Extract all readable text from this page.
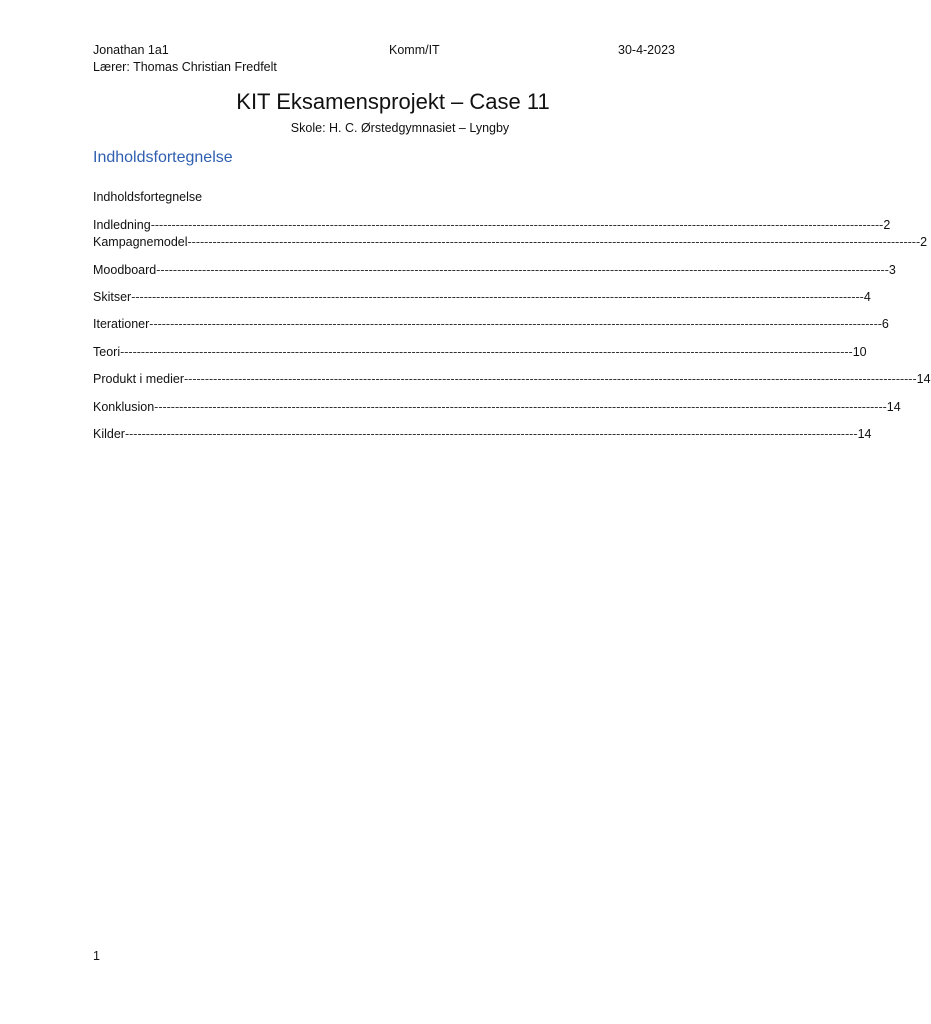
Jonathan 1a1	Komm/IT	30-4-2023
Lærer: Thomas Christian Fredfelt
KIT Eksamensprojekt – Case 11
Skole: H. C. Ørstedgymnasiet – Lyngby
Indholdsfortegnelse
Indholdsfortegnelse
Indledning -------------------------------------------------------------------------------------------------------------------------------------------------------------------------------- 2
Kampagnemodel -------------------------------------------------------------------------------------------------------------------------------------------------------------------------------- 2
Moodboard -------------------------------------------------------------------------------------------------------------------------------------------------------------------------------- 3
Skitser -------------------------------------------------------------------------------------------------------------------------------------------------------------------------------- 4
Iterationer -------------------------------------------------------------------------------------------------------------------------------------------------------------------------------- 6
Teori -------------------------------------------------------------------------------------------------------------------------------------------------------------------------------- 10
Produkt i medier -------------------------------------------------------------------------------------------------------------------------------------------------------------------------------- 14
Konklusion -------------------------------------------------------------------------------------------------------------------------------------------------------------------------------- 14
Kilder -------------------------------------------------------------------------------------------------------------------------------------------------------------------------------- 14
1
